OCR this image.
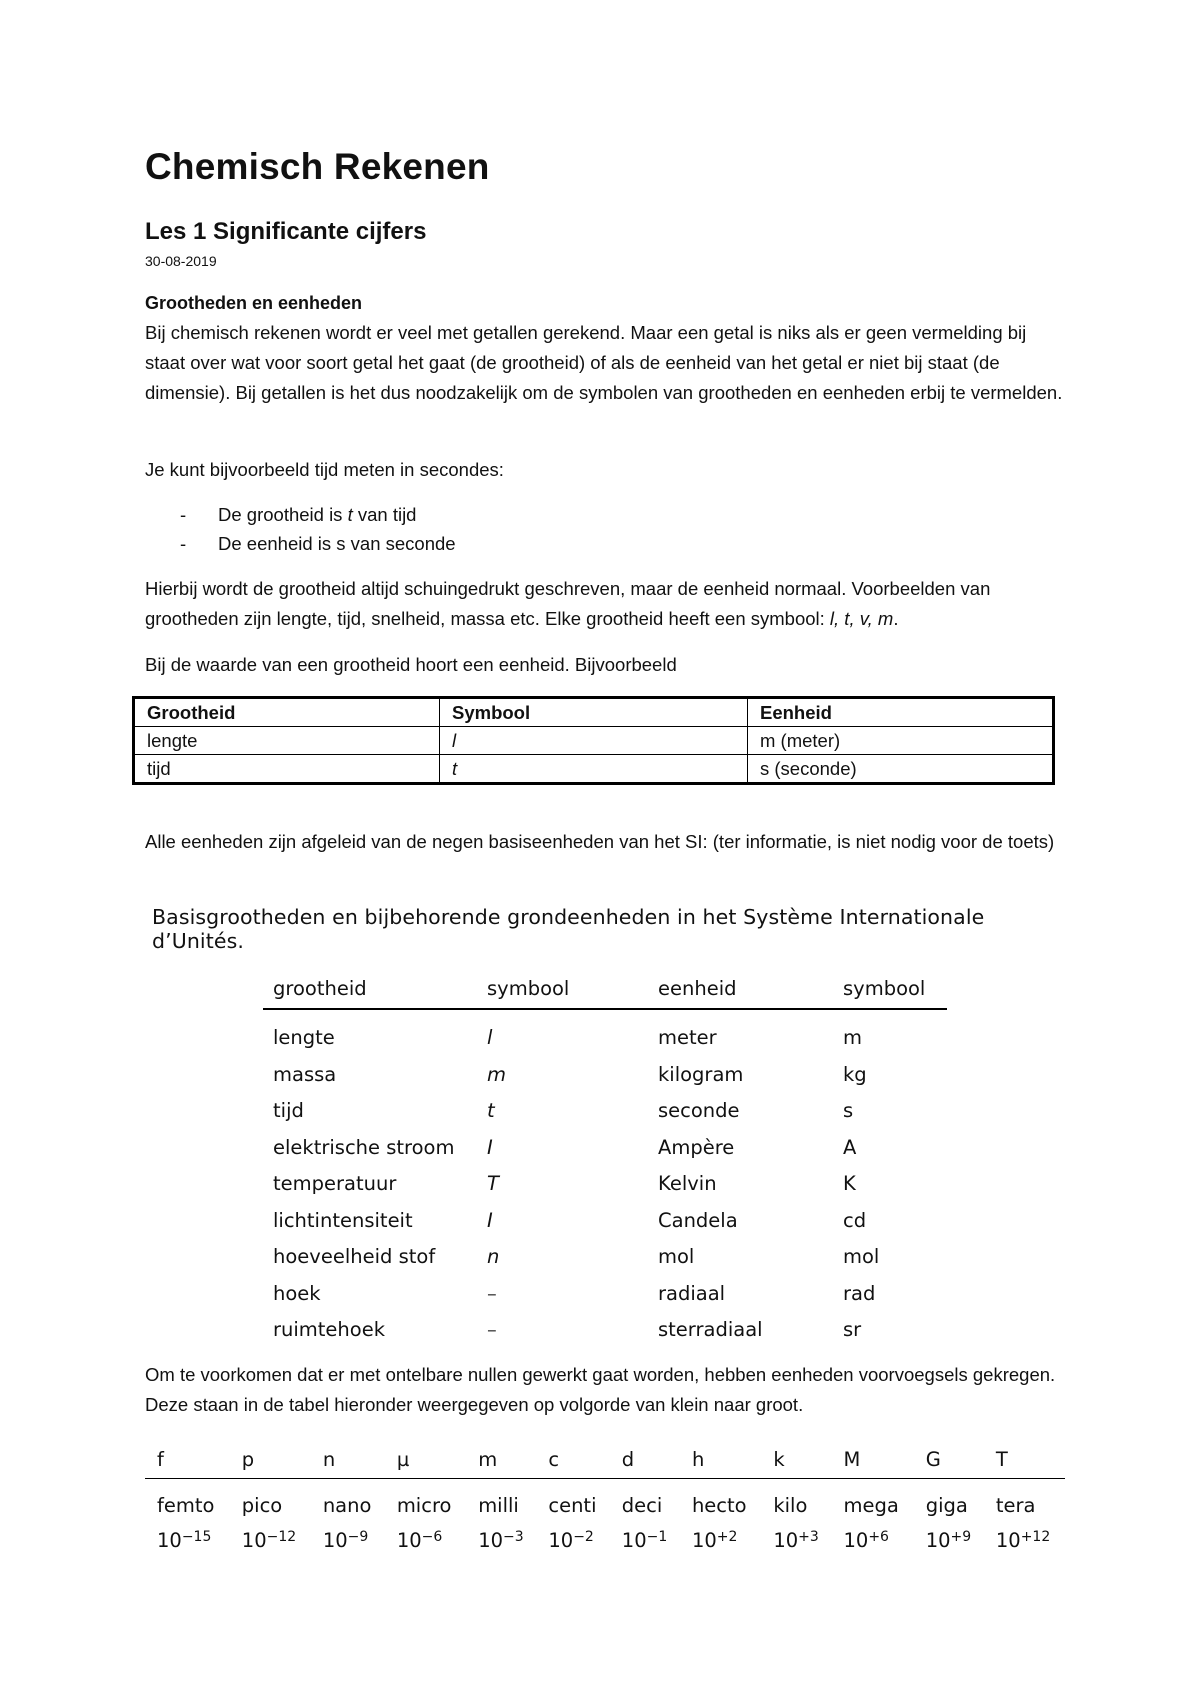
Chemisch Rekenen
Les 1 Significante cijfers
30-08-2019
Grootheden en eenheden

Bij chemisch rekenen wordt er veel met getallen gerekend. Maar een getal is niks als er geen vermelding bij staat over wat voor soort getal het gaat (de grootheid) of als de eenheid van het getal er niet bij staat (de dimensie). Bij getallen is het dus noodzakelijk om de symbolen van grootheden en eenheden erbij te vermelden.

Je kunt bijvoorbeeld tijd meten in secondes:

- De grootheid is t van tijd
- De eenheid is s van seconde

Hierbij wordt de grootheid altijd schuingedrukt geschreven, maar de eenheid normaal. Voorbeelden van grootheden zijn lengte, tijd, snelheid, massa etc. Elke grootheid heeft een symbool: l, t, v, m.

Bij de waarde van een grootheid hoort een eenheid. Bijvoorbeeld

Grootheid	Symbool	Eenheid
lengte	l	m (meter)
tijd	t	s (seconde)

Alle eenheden zijn afgeleid van de negen basiseenheden van het SI: (ter informatie, is niet nodig voor de toets)

Basisgrootheden en bijbehorende grondeenheden in het Système Internationale d’Unités.
grootheid	symbool	eenheid	symbool
lengte	l	meter	m
massa	m	kilogram	kg
tijd	t	seconde	s
elektrische stroom	I	Ampère	A
temperatuur	T	Kelvin	K
lichtintensiteit	I	Candela	cd
hoeveelheid stof	n	mol	mol
hoek	–	radiaal	rad
ruimtehoek	–	sterradiaal	sr

Om te voorkomen dat er met ontelbare nullen gewerkt gaat worden, hebben eenheden voorvoegsels gekregen. Deze staan in de tabel hieronder weergegeven op volgorde van klein naar groot.

f	p	n	µ	m	c	d	h	k	M	G	T
femto	pico	nano	micro	milli	centi	deci	hecto	kilo	mega	giga	tera
$10^{-15}$	$10^{-12}$	$10^{-9}$	$10^{-6}$	$10^{-3}$	$10^{-2}$	$10^{-1}$	$10^{+2}$	$10^{+3}$	$10^{+6}$	$10^{+9}$	$10^{+12}$
